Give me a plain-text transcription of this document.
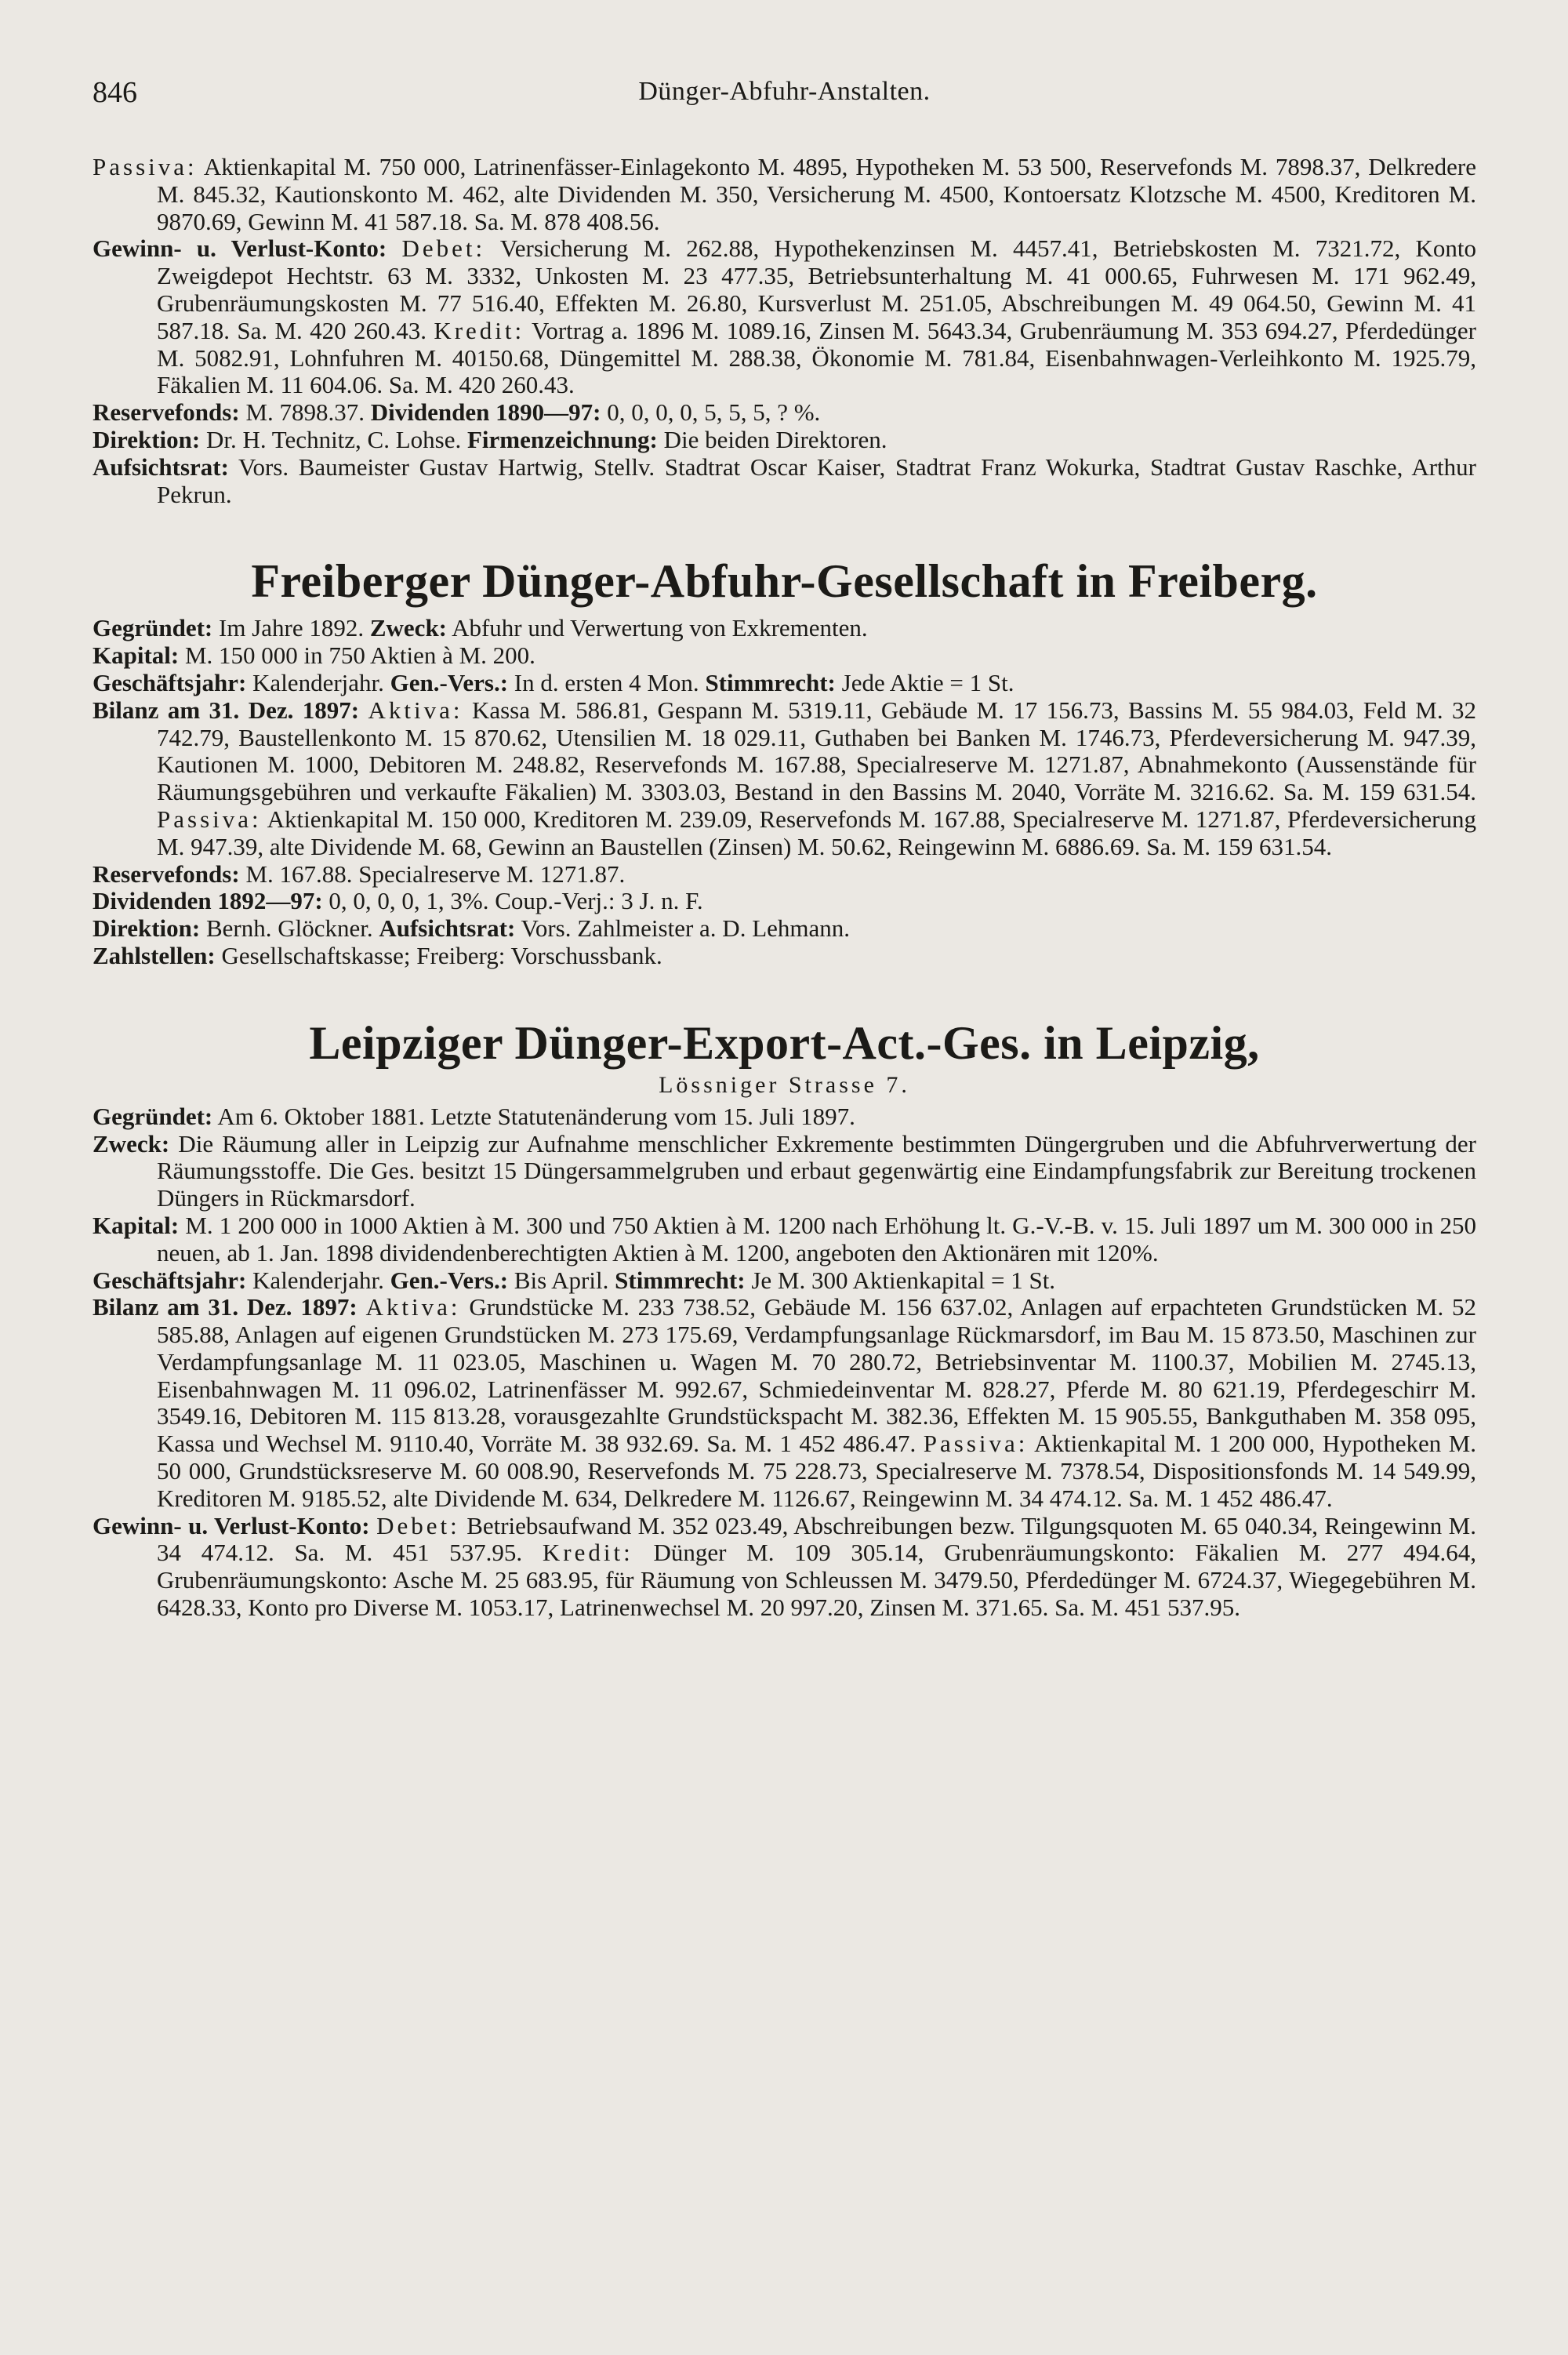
846	Dünger-Abfuhr-Anstalten.

Passiva: Aktienkapital M. 750 000, Latrinenfässer-Einlagekonto M. 4895, Hypotheken M. 53 500, Reservefonds M. 7898.37, Delkredere M. 845.32, Kautionskonto M. 462, alte Dividenden M. 350, Versicherung M. 4500, Kontoersatz Klotzsche M. 4500, Kreditoren M. 9870.69, Gewinn M. 41 587.18. Sa. M. 878 408.56.

Gewinn- u. Verlust-Konto: Debet: Versicherung M. 262.88, Hypothekenzinsen M. 4457.41, Betriebskosten M. 7321.72, Konto Zweigdepot Hechtstr. 63 M. 3332, Unkosten M. 23 477.35, Betriebsunterhaltung M. 41 000.65, Fuhrwesen M. 171 962.49, Grubenräumungskosten M. 77 516.40, Effekten M. 26.80, Kursverlust M. 251.05, Abschreibungen M. 49 064.50, Gewinn M. 41 587.18. Sa. M. 420 260.43. Kredit: Vortrag a. 1896 M. 1089.16, Zinsen M. 5643.34, Grubenräumung M. 353 694.27, Pferdedünger M. 5082.91, Lohnfuhren M. 40150.68, Düngemittel M. 288.38, Ökonomie M. 781.84, Eisenbahnwagen-Verleihkonto M. 1925.79, Fäkalien M. 11 604.06. Sa. M. 420 260.43.

Reservefonds: M. 7898.37. Dividenden 1890—97: 0, 0, 0, 0, 5, 5, 5, ? %.

Direktion: Dr. H. Technitz, C. Lohse. Firmenzeichnung: Die beiden Direktoren.

Aufsichtsrat: Vors. Baumeister Gustav Hartwig, Stellv. Stadtrat Oscar Kaiser, Stadtrat Franz Wokurka, Stadtrat Gustav Raschke, Arthur Pekrun.

Freiberger Dünger-Abfuhr-Gesellschaft in Freiberg.

Gegründet: Im Jahre 1892. Zweck: Abfuhr und Verwertung von Exkrementen.

Kapital: M. 150 000 in 750 Aktien à M. 200.

Geschäftsjahr: Kalenderjahr. Gen.-Vers.: In d. ersten 4 Mon. Stimmrecht: Jede Aktie = 1 St.

Bilanz am 31. Dez. 1897: Aktiva: Kassa M. 586.81, Gespann M. 5319.11, Gebäude M. 17 156.73, Bassins M. 55 984.03, Feld M. 32 742.79, Baustellenkonto M. 15 870.62, Utensilien M. 18 029.11, Guthaben bei Banken M. 1746.73, Pferdeversicherung M. 947.39, Kautionen M. 1000, Debitoren M. 248.82, Reservefonds M. 167.88, Specialreserve M. 1271.87, Abnahmekonto (Aussenstände für Räumungsgebühren und verkaufte Fäkalien) M. 3303.03, Bestand in den Bassins M. 2040, Vorräte M. 3216.62. Sa. M. 159 631.54. Passiva: Aktienkapital M. 150 000, Kreditoren M. 239.09, Reservefonds M. 167.88, Specialreserve M. 1271.87, Pferdeversicherung M. 947.39, alte Dividende M. 68, Gewinn an Baustellen (Zinsen) M. 50.62, Reingewinn M. 6886.69. Sa. M. 159 631.54.

Reservefonds: M. 167.88. Specialreserve M. 1271.87.

Dividenden 1892—97: 0, 0, 0, 0, 1, 3%. Coup.-Verj.: 3 J. n. F.

Direktion: Bernh. Glöckner. Aufsichtsrat: Vors. Zahlmeister a. D. Lehmann.

Zahlstellen: Gesellschaftskasse; Freiberg: Vorschussbank.

Leipziger Dünger-Export-Act.-Ges. in Leipzig,
Lössniger Strasse 7.

Gegründet: Am 6. Oktober 1881. Letzte Statutenänderung vom 15. Juli 1897.

Zweck: Die Räumung aller in Leipzig zur Aufnahme menschlicher Exkremente bestimmten Düngergruben und die Abfuhrverwertung der Räumungsstoffe. Die Ges. besitzt 15 Düngersammelgruben und erbaut gegenwärtig eine Eindampfungsfabrik zur Bereitung trockenen Düngers in Rückmarsdorf.

Kapital: M. 1 200 000 in 1000 Aktien à M. 300 und 750 Aktien à M. 1200 nach Erhöhung lt. G.-V.-B. v. 15. Juli 1897 um M. 300 000 in 250 neuen, ab 1. Jan. 1898 dividendenberechtigten Aktien à M. 1200, angeboten den Aktionären mit 120%.

Geschäftsjahr: Kalenderjahr. Gen.-Vers.: Bis April. Stimmrecht: Je M. 300 Aktienkapital = 1 St.

Bilanz am 31. Dez. 1897: Aktiva: Grundstücke M. 233 738.52, Gebäude M. 156 637.02, Anlagen auf erpachteten Grundstücken M. 52 585.88, Anlagen auf eigenen Grundstücken M. 273 175.69, Verdampfungsanlage Rückmarsdorf, im Bau M. 15 873.50, Maschinen zur Verdampfungsanlage M. 11 023.05, Maschinen u. Wagen M. 70 280.72, Betriebsinventar M. 1100.37, Mobilien M. 2745.13, Eisenbahnwagen M. 11 096.02, Latrinenfässer M. 992.67, Schmiedeinventar M. 828.27, Pferde M. 80 621.19, Pferdegeschirr M. 3549.16, Debitoren M. 115 813.28, vorausgezahlte Grundstückspacht M. 382.36, Effekten M. 15 905.55, Bankguthaben M. 358 095, Kassa und Wechsel M. 9110.40, Vorräte M. 38 932.69. Sa. M. 1 452 486.47. Passiva: Aktienkapital M. 1 200 000, Hypotheken M. 50 000, Grundstücksreserve M. 60 008.90, Reservefonds M. 75 228.73, Specialreserve M. 7378.54, Dispositionsfonds M. 14 549.99, Kreditoren M. 9185.52, alte Dividende M. 634, Delkredere M. 1126.67, Reingewinn M. 34 474.12. Sa. M. 1 452 486.47.

Gewinn- u. Verlust-Konto: Debet: Betriebsaufwand M. 352 023.49, Abschreibungen bezw. Tilgungsquoten M. 65 040.34, Reingewinn M. 34 474.12. Sa. M. 451 537.95. Kredit: Dünger M. 109 305.14, Grubenräumungskonto: Fäkalien M. 277 494.64, Grubenräumungskonto: Asche M. 25 683.95, für Räumung von Schleussen M. 3479.50, Pferdedünger M. 6724.37, Wiegegebühren M. 6428.33, Konto pro Diverse M. 1053.17, Latrinenwechsel M. 20 997.20, Zinsen M. 371.65. Sa. M. 451 537.95.
